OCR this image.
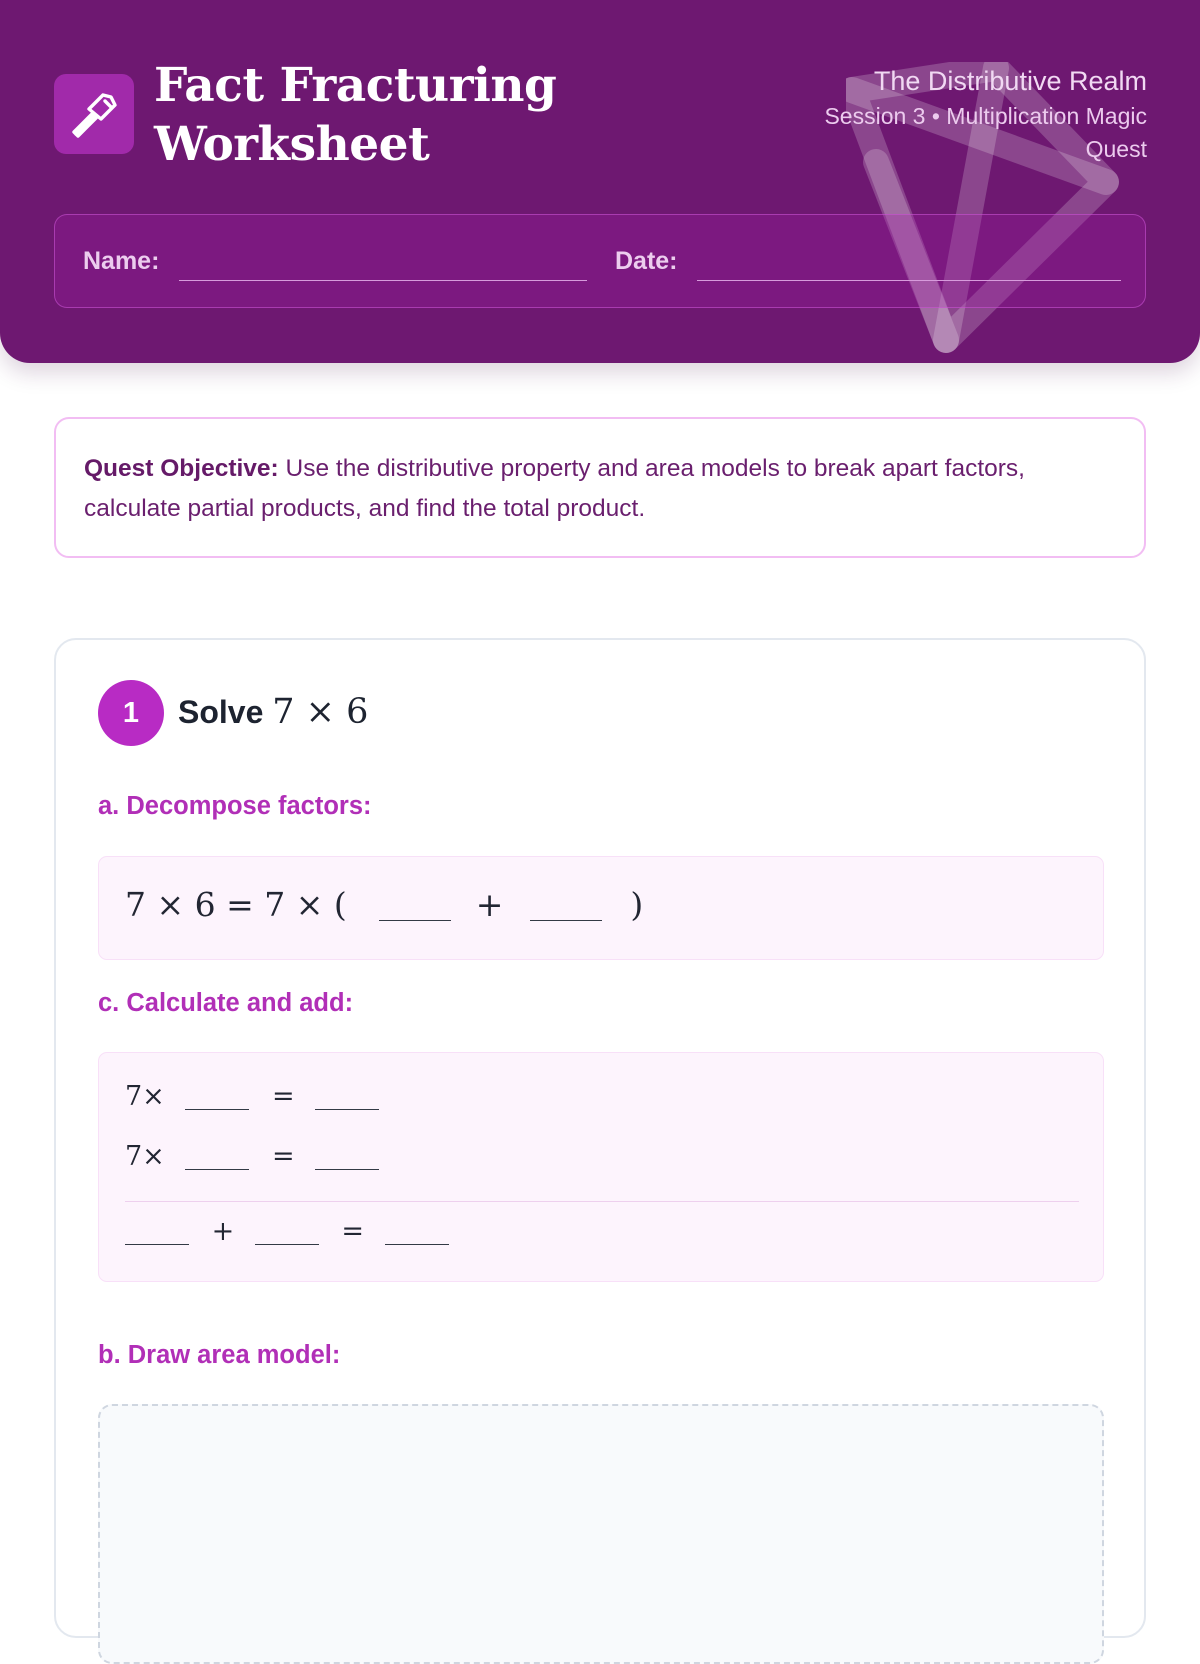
Fact Fracturing
Worksheet
The Distributive Realm
Session 3 • Multiplication Magic Quest
Name:	Date:
Quest Objective: Use the distributive property and area models to break apart factors, calculate partial products, and find the total product.
1	Solve 7 × 6
a. Decompose factors:
7 × 6 = 7 × (	+	)
c. Calculate and add:
7×	=
7×	=
+	=
b. Draw area model:
